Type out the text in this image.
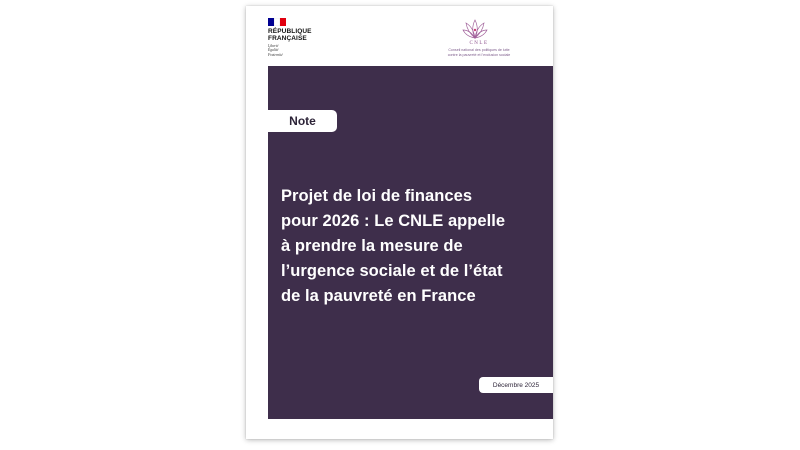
RÉPUBLIQUE
FRANÇAISE
Liberté
Égalité
Fraternité
CNLE
Conseil national des politiques de lutte
contre la pauvreté et l’exclusion sociale
Note
Projet de loi de finances
pour 2026 : Le CNLE appelle
à prendre la mesure de
l’urgence sociale et de l’état
de la pauvreté en France
Décembre 2025
